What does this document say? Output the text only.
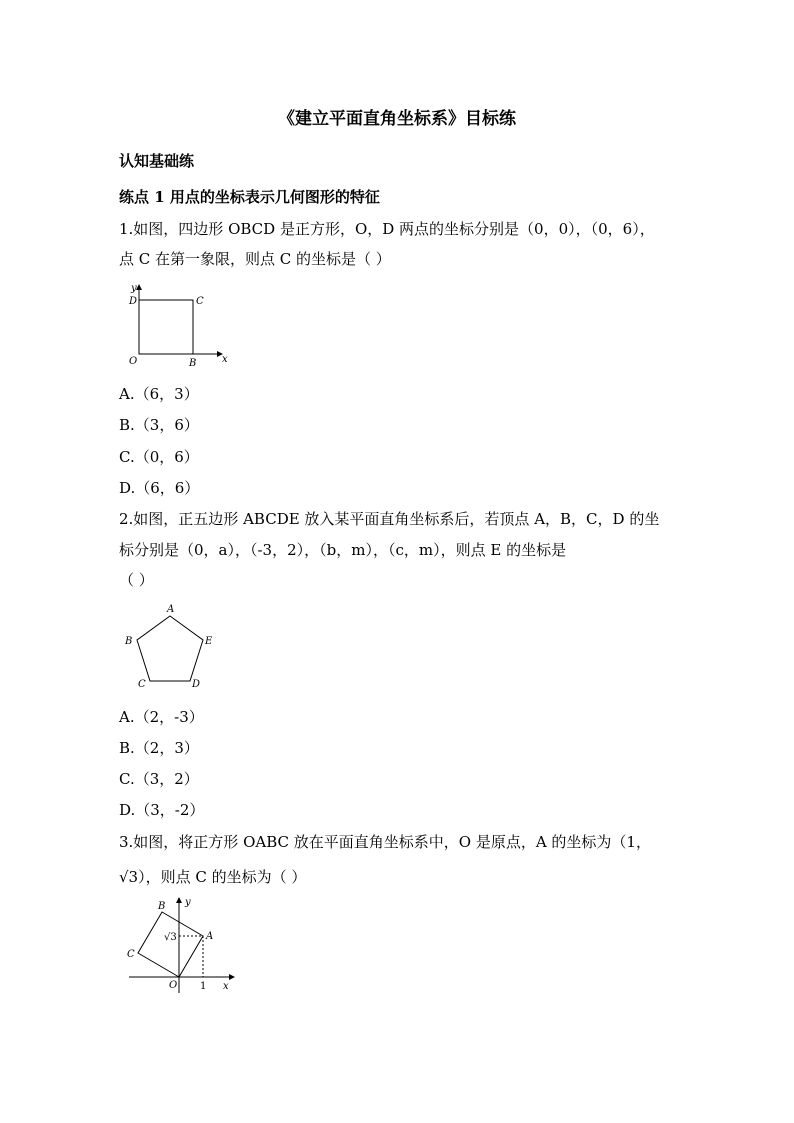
《建立平面直角坐标系》目标练
认知基础练
练点 1 用点的坐标表示几何图形的特征
1.如图，四边形 OBCD 是正方形，O，D 两点的坐标分别是（0，0），（0，6），
点 C 在第一象限，则点 C 的坐标是（ ）
y
D	C
O	B	x
A.（6，3）
B.（3，6）
C.（0，6）
D.（6，6）
2.如图，正五边形 ABCDE 放入某平面直角坐标系后，若顶点 A，B，C，D 的坐
标分别是（0，a），（-3，2），（b，m），（c，m），则点 E 的坐标是
（ ）
A
B
C	D
E
A.（2，-3）
B.（2，3）
C.（3，2）
D.（3，-2）
3.如图，将正方形 OABC 放在平面直角坐标系中，O 是原点，A 的坐标为（1，
√3），则点 C 的坐标为（ ）
B y
√3	A
C
O 1 x
